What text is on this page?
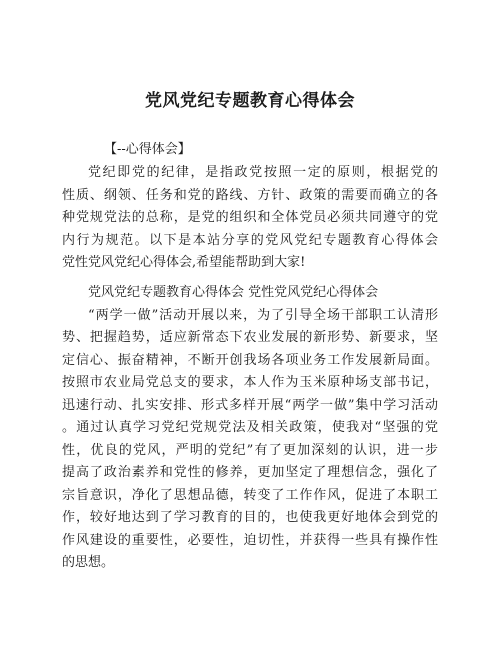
党风党纪专题教育心得体会
【--心得体会】
党纪即党的纪律，是指政党按照一定的原则，根据党的
性质、纲领、任务和党的路线、方针、政策的需要而确立的各
种党规党法的总称，是党的组织和全体党员必须共同遵守的党
内行为规范。以下是本站分享的党风党纪专题教育心得体会
党性党风党纪心得体会,希望能帮助到大家!
党风党纪专题教育心得体会 党性党风党纪心得体会
“两学一做”活动开展以来，为了引导全场干部职工认清形
势、把握趋势，适应新常态下农业发展的新形势、新要求，坚
定信心、振奋精神，不断开创我场各项业务工作发展新局面。
按照市农业局党总支的要求，本人作为玉米原种场支部书记，
迅速行动、扎实安排、形式多样开展“两学一做”集中学习活动
。通过认真学习党纪党规党法及相关政策，使我对“坚强的党
性，优良的党风，严明的党纪”有了更加深刻的认识，进一步
提高了政治素养和党性的修养，更加坚定了理想信念，强化了
宗旨意识，净化了思想品德，转变了工作作风，促进了本职工
作，较好地达到了学习教育的目的，也使我更好地体会到党的
作风建设的重要性，必要性，迫切性，并获得一些具有操作性
的思想。
